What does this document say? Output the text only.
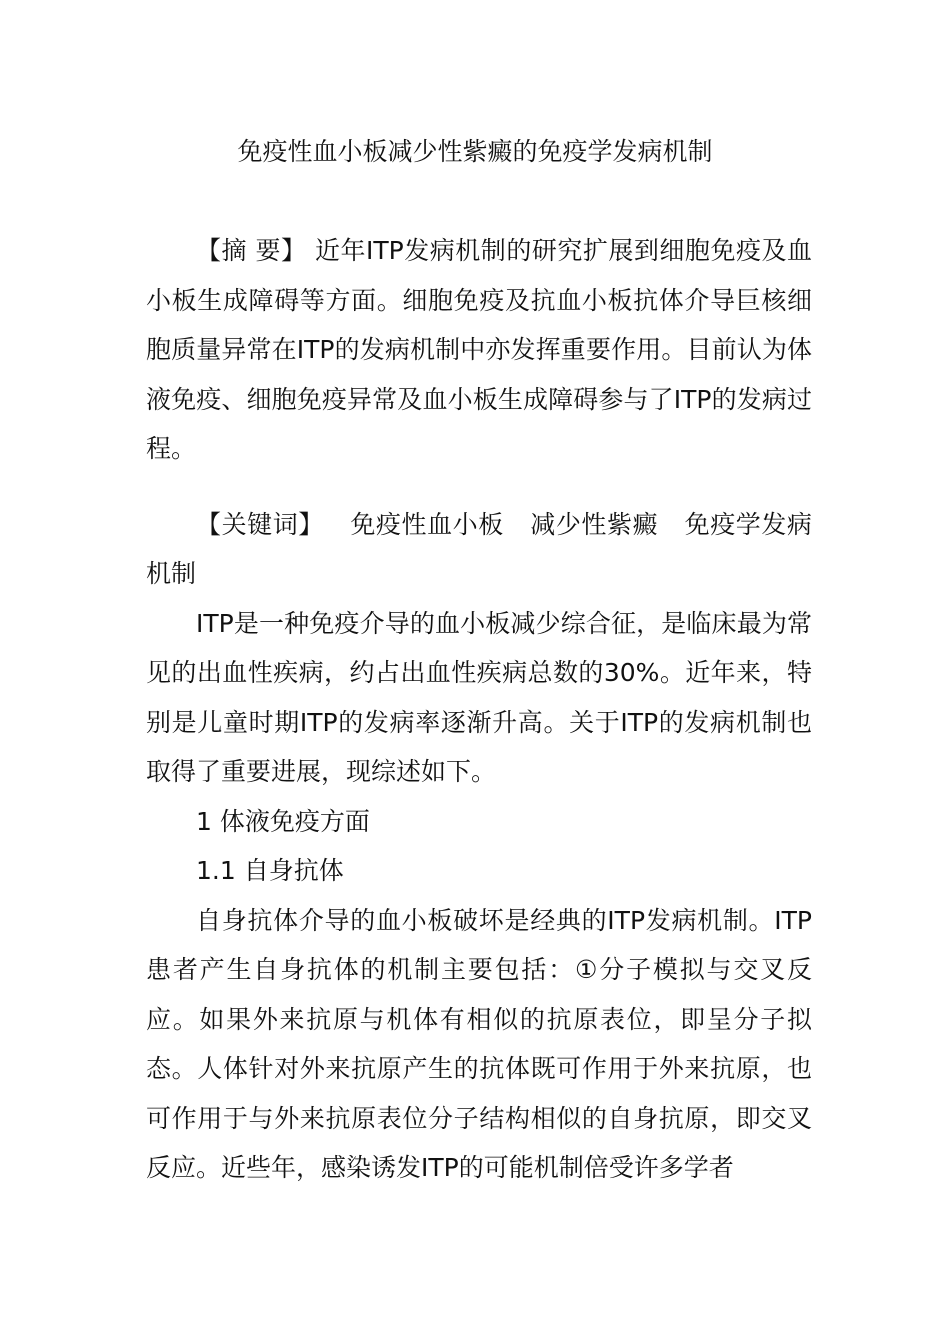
免疫性血小板减少性紫癜的免疫学发病机制

【摘 要】 近年ITP发病机制的研究扩展到细胞免疫及血小板生成障碍等方面。细胞免疫及抗血小板抗体介导巨核细胞质量异常在ITP的发病机制中亦发挥重要作用。目前认为体液免疫、细胞免疫异常及血小板生成障碍参与了ITP的发病过程。

【关键词】 免疫性血小板 减少性紫癜 免疫学发病机制

ITP是一种免疫介导的血小板减少综合征，是临床最为常见的出血性疾病，约占出血性疾病总数的30%。近年来，特别是儿童时期ITP的发病率逐渐升高。关于ITP的发病机制也取得了重要进展，现综述如下。

1 体液免疫方面

1.1 自身抗体

自身抗体介导的血小板破坏是经典的ITP发病机制。ITP患者产生自身抗体的机制主要包括：①分子模拟与交叉反应。如果外来抗原与机体有相似的抗原表位，即呈分子拟态。人体针对外来抗原产生的抗体既可作用于外来抗原，也可作用于与外来抗原表位分子结构相似的自身抗原，即交叉反应。近些年，感染诱发ITP的可能机制倍受许多学者
